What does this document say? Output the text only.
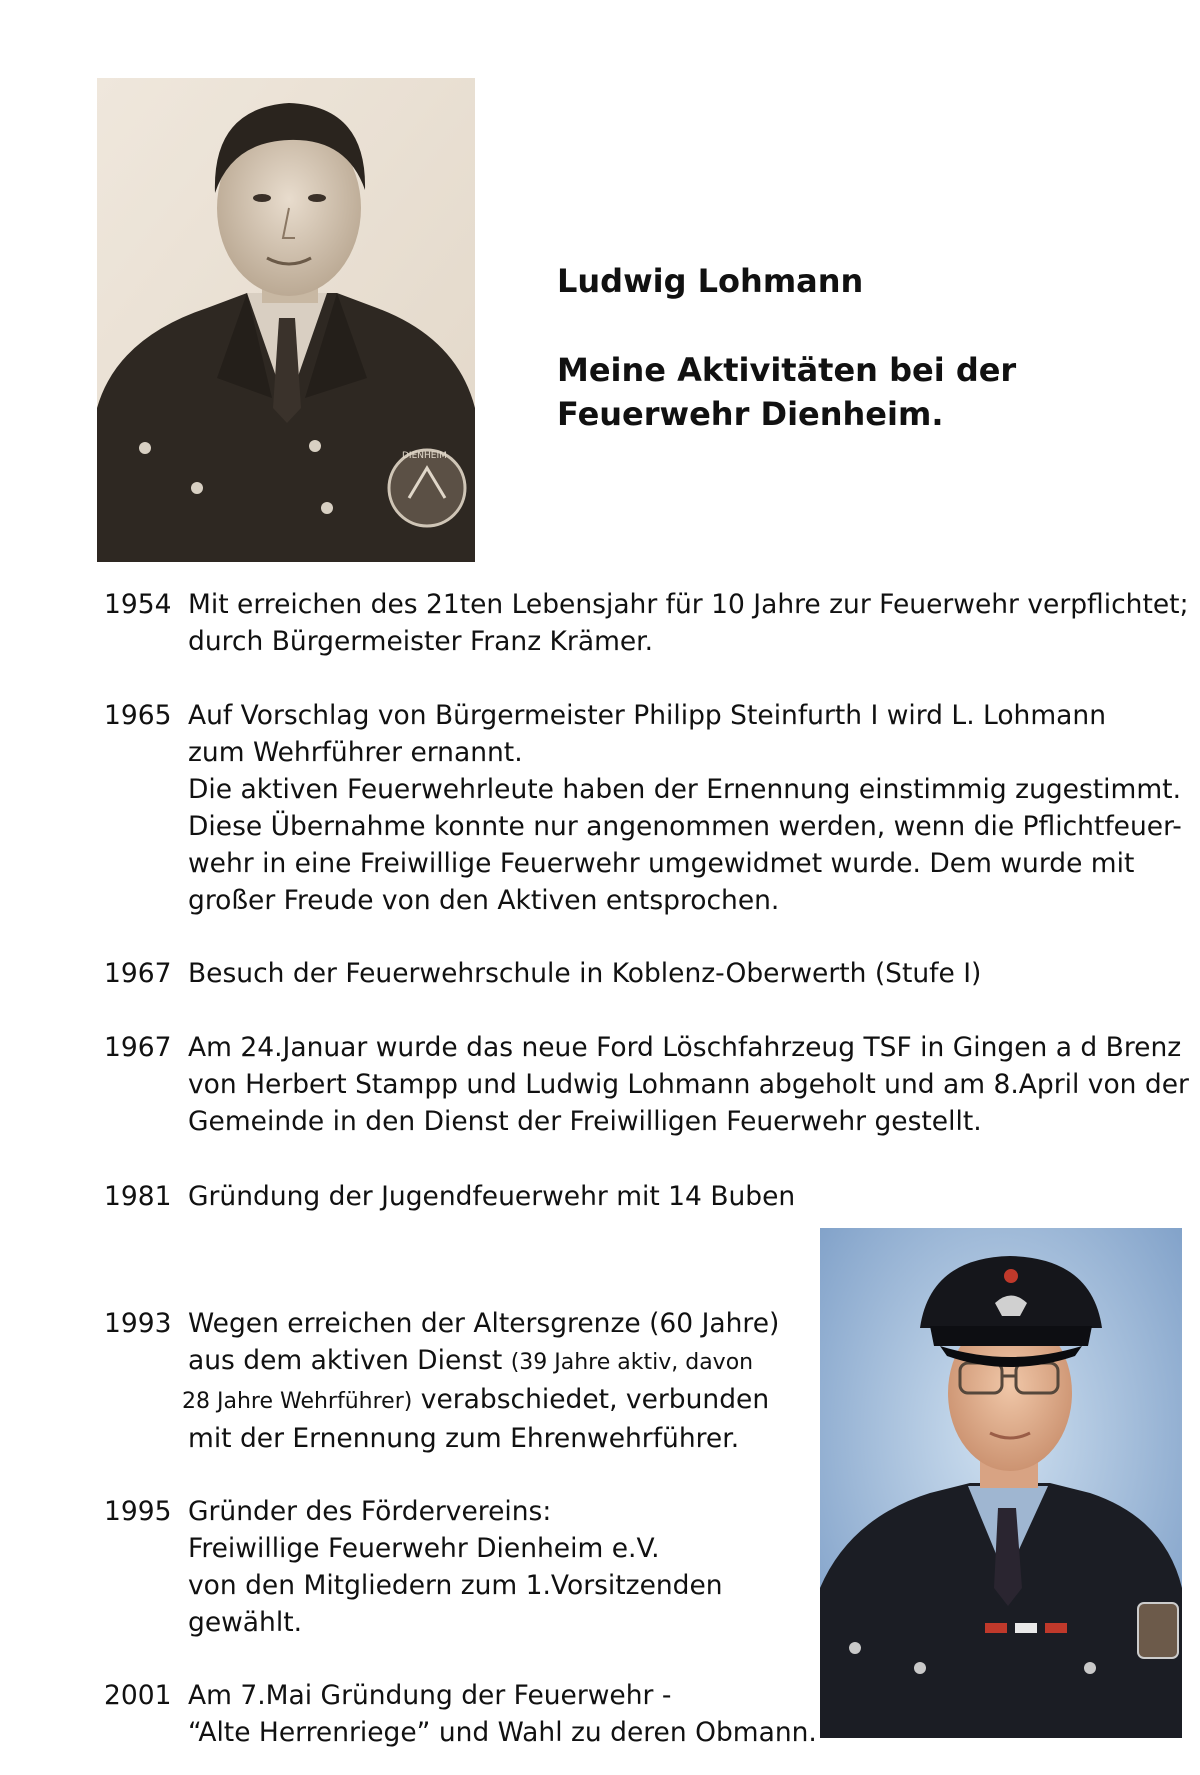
DIENHEIM
Ludwig Lohmann
Meine Aktivitäten bei der
Feuerwehr Dienheim.
1954 Mit erreichen des 21ten Lebensjahr für 10 Jahre zur Feuerwehr verpflichtet;
durch Bürgermeister Franz Krämer.
1965 Auf Vorschlag von Bürgermeister Philipp Steinfurth I wird L. Lohmann
zum Wehrführer ernannt.
Die aktiven Feuerwehrleute haben der Ernennung einstimmig zugestimmt.
Diese Übernahme konnte nur angenommen werden, wenn die Pflichtfeuer-
wehr in eine Freiwillige Feuerwehr umgewidmet wurde. Dem wurde mit
großer Freude von den Aktiven entsprochen.
1967 Besuch der Feuerwehrschule in Koblenz-Oberwerth (Stufe I)
1967 Am 24.Januar wurde das neue Ford Löschfahrzeug TSF in Gingen a d Brenz
von Herbert Stampp und Ludwig Lohmann abgeholt und am 8.April von der
Gemeinde in den Dienst der Freiwilligen Feuerwehr gestellt.
1981 Gründung der Jugendfeuerwehr mit 14 Buben
1993 Wegen erreichen der Altersgrenze (60 Jahre)
aus dem aktiven Dienst (39 Jahre aktiv, davon
28 Jahre Wehrführer) verabschiedet, verbunden
mit der Ernennung zum Ehrenwehrführer.
1995 Gründer des Fördervereins:
Freiwillige Feuerwehr Dienheim e.V.
von den Mitgliedern zum 1.Vorsitzenden
gewählt.
2001 Am 7.Mai Gründung der Feuerwehr -
“Alte Herrenriege” und Wahl zu deren Obmann.
